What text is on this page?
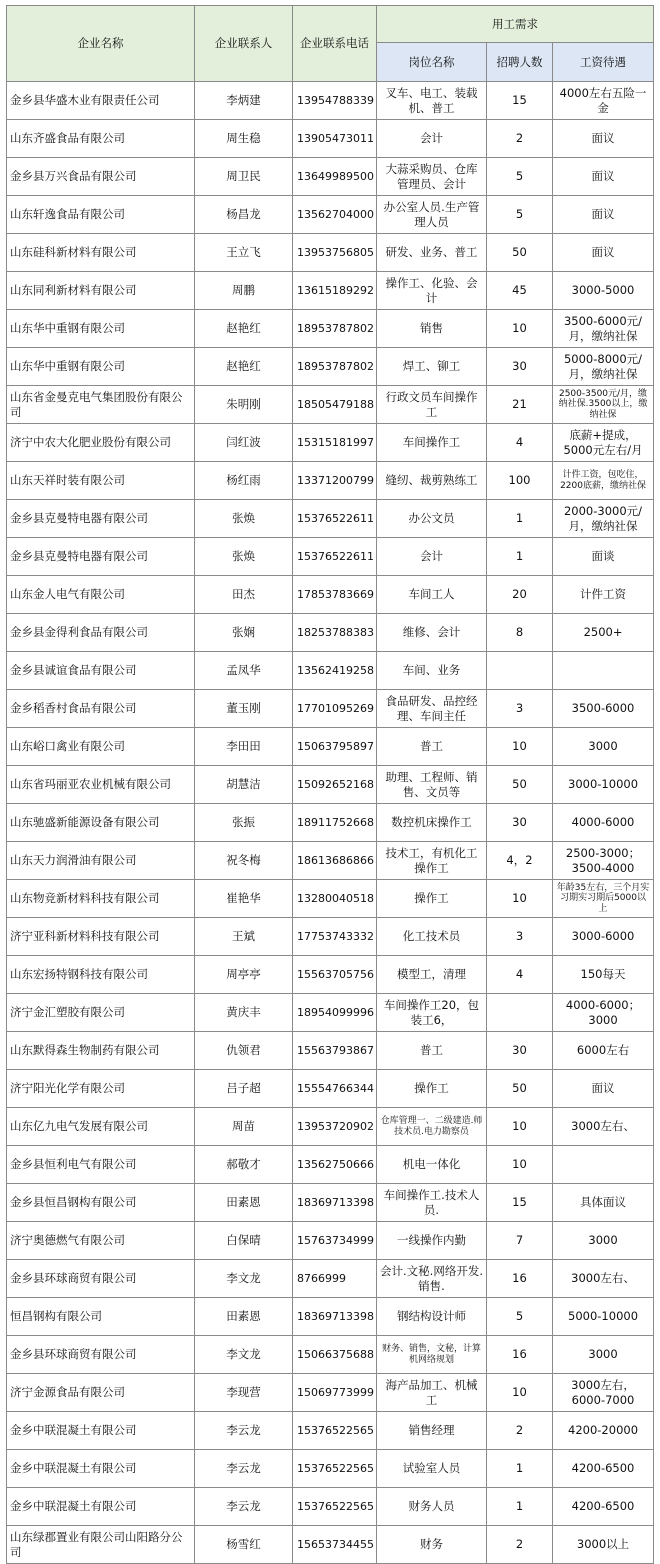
企业名称	企业联系人	企业联系电话	用工需求		
			岗位名称	招聘人数	工资待遇
金乡县华盛木业有限责任公司	李炳建	13954788339	叉车、电工、装载机、普工	15	4000左右五险一金
山东齐盛食品有限公司	周生稳	13905473011	会计	2	面议
金乡县万兴食品有限公司	周卫民	13649989500	大蒜采购员、仓库管理员、会计	5	面议
山东轩逸食品有限公司	杨昌龙	13562704000	办公室人员.生产管理人员	5	面议
山东硅科新材料有限公司	王立飞	13953756805	研发、业务、普工	50	面议
山东同利新材料有限公司	周鹏	13615189292	操作工、化验、会计	45	3000-5000
山东华中重钢有限公司	赵艳红	18953787802	销售	10	3500-6000元/月，缴纳社保
山东华中重钢有限公司	赵艳红	18953787802	焊工、铆工	30	5000-8000元/月，缴纳社保
山东省金曼克电气集团股份有限公司	朱明刚	18505479188	行政文员车间操作工	21	2500-3500元/月，缴纳社保.3500以上，缴纳社保
济宁中农大化肥业股份有限公司	闫红波	15315181997	车间操作工	4	底薪+提成，5000元左右/月
山东天祥时装有限公司	杨红雨	13371200799	缝纫、裁剪熟练工	100	计件工资，包吃住，2200底薪，缴纳社保
金乡县克曼特电器有限公司	张焕	15376522611	办公文员	1	2000-3000元/月，缴纳社保
金乡县克曼特电器有限公司	张焕	15376522611	会计	1	面谈
山东金人电气有限公司	田杰	17853783669	车间工人	20	计件工资
金乡县金得利食品有限公司	张娴	18253788383	维修、会计	8	2500+
金乡县诚谊食品有限公司	孟凤华	13562419258	车间、业务		
金乡稻香村食品有限公司	董玉刚	17701095269	食品研发、品控经理、车间主任	3	3500-6000
山东峪口禽业有限公司	李田田	15063795897	普工	10	3000
山东省玛丽亚农业机械有限公司	胡慧洁	15092652168	助理、工程师、销售、文员等	50	3000-10000
山东驰盛新能源设备有限公司	张振	18911752668	数控机床操作工	30	4000-6000
山东天力润滑油有限公司	祝冬梅	18613686866	技术工，有机化工操作工	4，2	2500-3000；3500-4000
山东物竞新材料科技有限公司	崔艳华	13280040518	操作工	10	年龄35左右，三个月实习期实习期后5000以上
济宁亚科新材料科技有限公司	王斌	17753743332	化工技术员	3	3000-6000
山东宏扬特钢科技有限公司	周亭亭	15563705756	模型工，清理	4	150每天
济宁金汇塑胶有限公司	黄庆丰	18954099996	车间操作工20，包装工6，		4000-6000；3000
山东默得森生物制药有限公司	仇领君	15563793867	普工	30	6000左右
济宁阳光化学有限公司	吕子超	15554766344	操作工	50	面议
山东亿九电气发展有限公司	周苗	13953720902	仓库管理一、二级建造.师技术员.电力勘察员	10	3000左右、
金乡县恒利电气有限公司	郝敬才	13562750666	机电一体化	10	
金乡县恒昌钢构有限公司	田素恩	18369713398	车间操作工.技术人员.	15	具体面议
济宁奥德燃气有限公司	白保晴	15763734999	一线操作内勤	7	3000
金乡县环球商贸有限公司	李文龙	8766999	会计.文秘.网络开发.销售.	16	3000左右、
恒昌钢构有限公司	田素恩	18369713398	钢结构设计师	5	5000-10000
金乡县环球商贸有限公司	李文龙	15066375688	财务、销售，文秘，计算机网络规划	16	3000
济宁金源食品有限公司	李现营	15069773999	海产品加工、机械工	10	3000左右，6000-7000
金乡中联混凝土有限公司	李云龙	15376522565	销售经理	2	4200-20000
金乡中联混凝土有限公司	李云龙	15376522565	试验室人员	1	4200-6500
金乡中联混凝土有限公司	李云龙	15376522565	财务人员	1	4200-6500
山东绿郡置业有限公司山阳路分公司	杨雪红	15653734455	财务	2	3000以上
